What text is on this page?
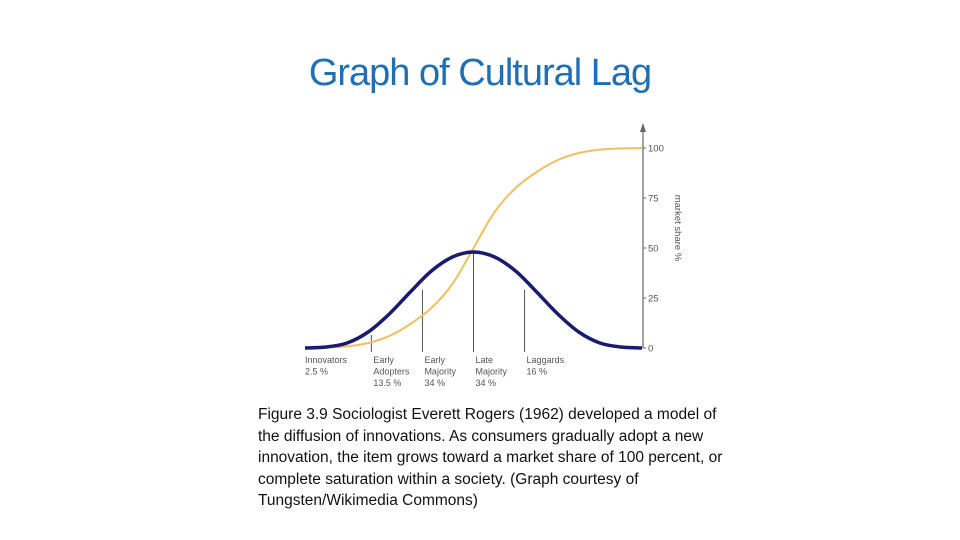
Graph of Cultural Lag
0
25
50
75
100
market share %
Innovators
2.5 %
Early
Adopters
13.5 %
Early
Majority
34 %
Late
Majority
34 %
Laggards
16 %
Figure 3.9 Sociologist Everett Rogers (1962) developed a model of the diffusion of innovations. As consumers gradually adopt a new innovation, the item grows toward a market share of 100 percent, or complete saturation within a society. (Graph courtesy of Tungsten/Wikimedia Commons)
